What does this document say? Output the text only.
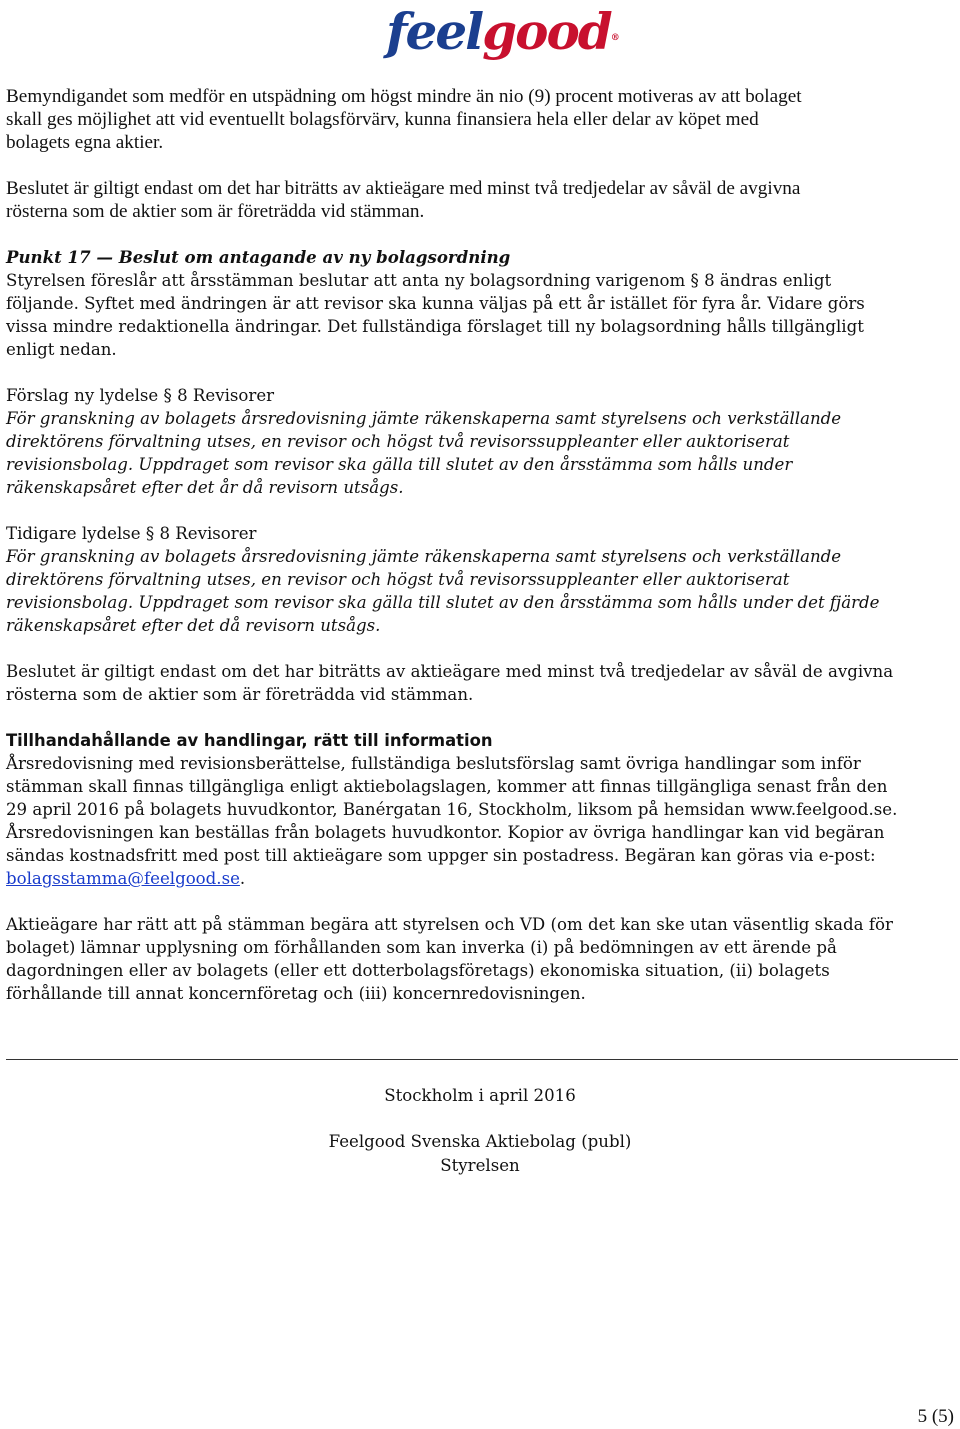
feelgood®
Bemyndigandet som medför en utspädning om högst mindre än nio (9) procent motiveras av att bolaget
skall ges möjlighet att vid eventuellt bolagsförvärv, kunna finansiera hela eller delar av köpet med
bolagets egna aktier.
Beslutet är giltigt endast om det har biträtts av aktieägare med minst två tredjedelar av såväl de avgivna
rösterna som de aktier som är företrädda vid stämman.
Punkt 17 — Beslut om antagande av ny bolagsordning
Styrelsen föreslår att årsstämman beslutar att anta ny bolagsordning varigenom § 8 ändras enligt
följande. Syftet med ändringen är att revisor ska kunna väljas på ett år istället för fyra år. Vidare görs
vissa mindre redaktionella ändringar. Det fullständiga förslaget till ny bolagsordning hålls tillgängligt
enligt nedan.
Förslag ny lydelse § 8 Revisorer
För granskning av bolagets årsredovisning jämte räkenskaperna samt styrelsens och verkställande
direktörens förvaltning utses, en revisor och högst två revisorssuppleanter eller auktoriserat
revisionsbolag. Uppdraget som revisor ska gälla till slutet av den årsstämma som hålls under
räkenskapsåret efter det år då revisorn utsågs.
Tidigare lydelse § 8 Revisorer
För granskning av bolagets årsredovisning jämte räkenskaperna samt styrelsens och verkställande
direktörens förvaltning utses, en revisor och högst två revisorssuppleanter eller auktoriserat
revisionsbolag. Uppdraget som revisor ska gälla till slutet av den årsstämma som hålls under det fjärde
räkenskapsåret efter det då revisorn utsågs.
Beslutet är giltigt endast om det har biträtts av aktieägare med minst två tredjedelar av såväl de avgivna
rösterna som de aktier som är företrädda vid stämman.
Tillhandahållande av handlingar, rätt till information
Årsredovisning med revisionsberättelse, fullständiga beslutsförslag samt övriga handlingar som inför
stämman skall finnas tillgängliga enligt aktiebolagslagen, kommer att finnas tillgängliga senast från den
29 april 2016 på bolagets huvudkontor, Banérgatan 16, Stockholm, liksom på hemsidan www.feelgood.se.
Årsredovisningen kan beställas från bolagets huvudkontor. Kopior av övriga handlingar kan vid begäran
sändas kostnadsfritt med post till aktieägare som uppger sin postadress. Begäran kan göras via e-post:
bolagsstamma@feelgood.se.
Aktieägare har rätt att på stämman begära att styrelsen och VD (om det kan ske utan väsentlig skada för
bolaget) lämnar upplysning om förhållanden som kan inverka (i) på bedömningen av ett ärende på
dagordningen eller av bolagets (eller ett dotterbolagsföretags) ekonomiska situation, (ii) bolagets
förhållande till annat koncernföretag och (iii) koncernredovisningen.
Stockholm i april 2016
Feelgood Svenska Aktiebolag (publ)
Styrelsen
5 (5)
